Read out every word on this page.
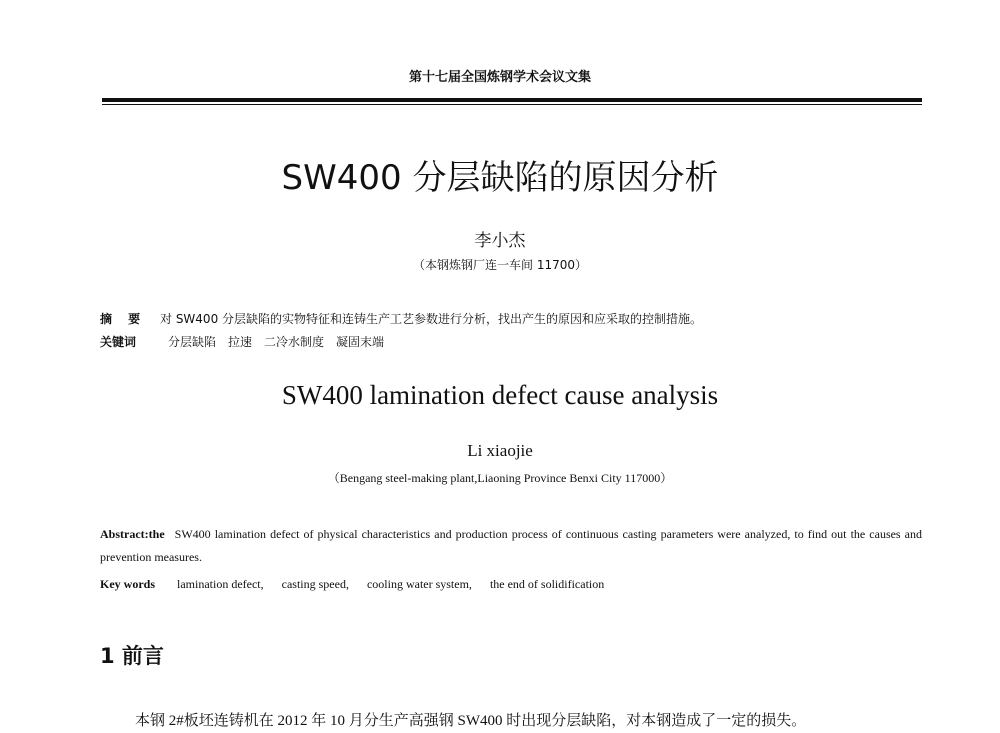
第十七届全国炼钢学术会议文集
SW400 分层缺陷的原因分析
李小杰
（本钢炼钢厂连一车间 11700）
摘 要 对 SW400 分层缺陷的实物特征和连铸生产工艺参数进行分析，找出产生的原因和应采取的控制措施。
关键词	分层缺陷 拉速 二冷水制度 凝固末端
SW400 lamination defect cause analysis
Li xiaojie
（Bengang steel-making plant,Liaoning Province Benxi City 117000）
Abstract:the SW400 lamination defect of physical characteristics and production process of continuous casting parameters were analyzed, to find out the causes and prevention measures.
Key words lamination defect, casting speed, cooling water system, the end of solidification
1 前言
本钢 2#板坯连铸机在 2012 年 10 月分生产高强钢 SW400 时出现分层缺陷，对本钢造成了一定的损失。
